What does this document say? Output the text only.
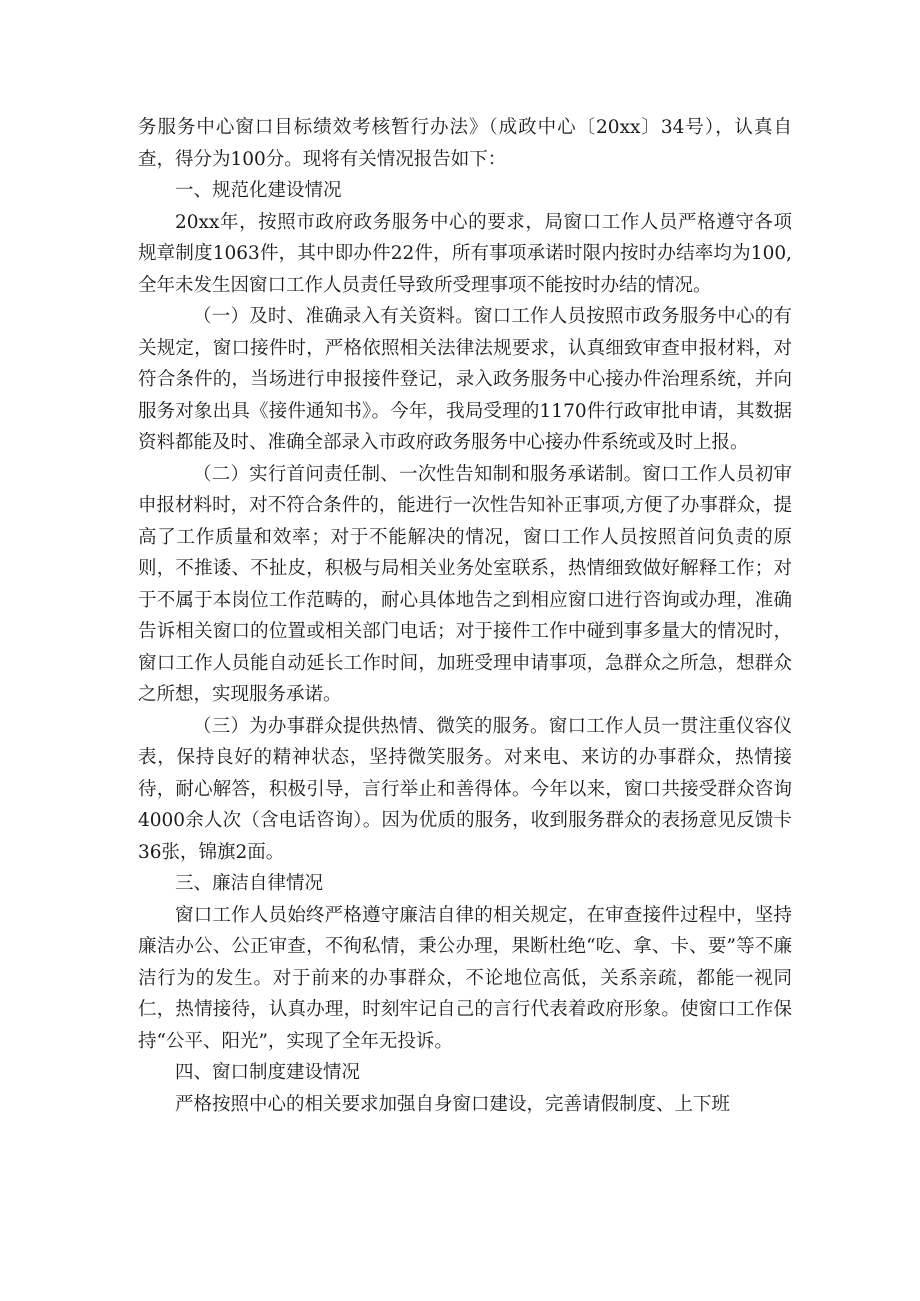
务服务中心窗口目标绩效考核暂行办法》（成政中心〔20xx〕34号），认真自查，得分为100分。现将有关情况报告如下：

一、规范化建设情况

20xx年，按照市政府政务服务中心的要求，局窗口工作人员严格遵守各项规章制度1063件，其中即办件22件，所有事项承诺时限内按时办结率均为100,全年未发生因窗口工作人员责任导致所受理事项不能按时办结的情况。

（一）及时、准确录入有关资料。窗口工作人员按照市政务服务中心的有关规定，窗口接件时，严格依照相关法律法规要求，认真细致审查申报材料，对符合条件的，当场进行申报接件登记，录入政务服务中心接办件治理系统，并向服务对象出具《接件通知书》。今年，我局受理的1170件行政审批申请，其数据资料都能及时、准确全部录入市政府政务服务中心接办件系统或及时上报。

（二）实行首问责任制、一次性告知制和服务承诺制。窗口工作人员初审申报材料时，对不符合条件的，能进行一次性告知补正事项,方便了办事群众，提高了工作质量和效率；对于不能解决的情况，窗口工作人员按照首问负责的原则，不推诿、不扯皮，积极与局相关业务处室联系，热情细致做好解释工作；对于不属于本岗位工作范畴的，耐心具体地告之到相应窗口进行咨询或办理，准确告诉相关窗口的位置或相关部门电话；对于接件工作中碰到事多量大的情况时，窗口工作人员能自动延长工作时间，加班受理申请事项，急群众之所急，想群众之所想，实现服务承诺。

（三）为办事群众提供热情、微笑的服务。窗口工作人员一贯注重仪容仪表，保持良好的精神状态，坚持微笑服务。对来电、来访的办事群众，热情接待，耐心解答，积极引导，言行举止和善得体。今年以来，窗口共接受群众咨询4000余人次（含电话咨询）。因为优质的服务，收到服务群众的表扬意见反馈卡36张，锦旗2面。

三、廉洁自律情况

窗口工作人员始终严格遵守廉洁自律的相关规定，在审查接件过程中，坚持廉洁办公、公正审查，不徇私情，秉公办理，果断杜绝“吃、拿、卡、要”等不廉洁行为的发生。对于前来的办事群众，不论地位高低，关系亲疏，都能一视同仁，热情接待，认真办理，时刻牢记自己的言行代表着政府形象。使窗口工作保持“公平、阳光”，实现了全年无投诉。

四、窗口制度建设情况

严格按照中心的相关要求加强自身窗口建设，完善请假制度、上下班
